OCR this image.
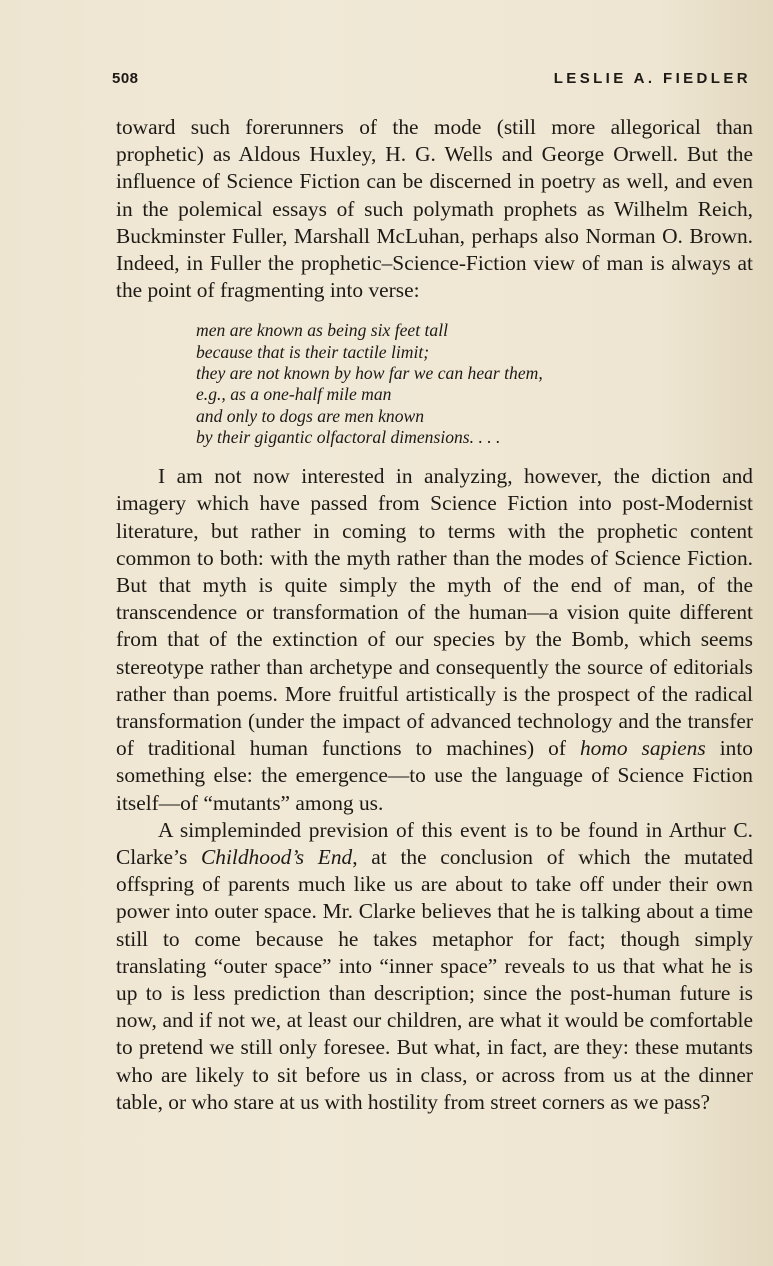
508	LESLIE A. FIEDLER

toward such forerunners of the mode (still more allegorical than prophetic) as Aldous Huxley, H. G. Wells and George Orwell. But the influence of Science Fiction can be discerned in poetry as well, and even in the polemical essays of such polymath prophets as Wilhelm Reich, Buckminster Fuller, Marshall McLuhan, perhaps also Norman O. Brown. Indeed, in Fuller the prophetic–Science-Fiction view of man is always at the point of fragmenting into verse:

men are known as being six feet tall
because that is their tactile limit;
they are not known by how far we can hear them,
e.g., as a one-half mile man
and only to dogs are men known
by their gigantic olfactoral dimensions. . . .

I am not now interested in analyzing, however, the diction and imagery which have passed from Science Fiction into post-Modernist literature, but rather in coming to terms with the prophetic content common to both: with the myth rather than the modes of Science Fiction. But that myth is quite simply the myth of the end of man, of the transcendence or transformation of the human—a vision quite different from that of the extinction of our species by the Bomb, which seems stereotype rather than archetype and consequently the source of editorials rather than poems. More fruitful artistically is the prospect of the radical transformation (under the impact of advanced technology and the transfer of traditional human functions to machines) of homo sapiens into something else: the emergence—to use the language of Science Fiction itself—of “mutants” among us.

A simpleminded prevision of this event is to be found in Arthur C. Clarke’s Childhood’s End, at the conclusion of which the mutated offspring of parents much like us are about to take off under their own power into outer space. Mr. Clarke believes that he is talking about a time still to come because he takes metaphor for fact; though simply translating “outer space” into “inner space” reveals to us that what he is up to is less prediction than description; since the post-human future is now, and if not we, at least our children, are what it would be comfortable to pretend we still only foresee. But what, in fact, are they: these mutants who are likely to sit before us in class, or across from us at the dinner table, or who stare at us with hostility from street corners as we pass?
